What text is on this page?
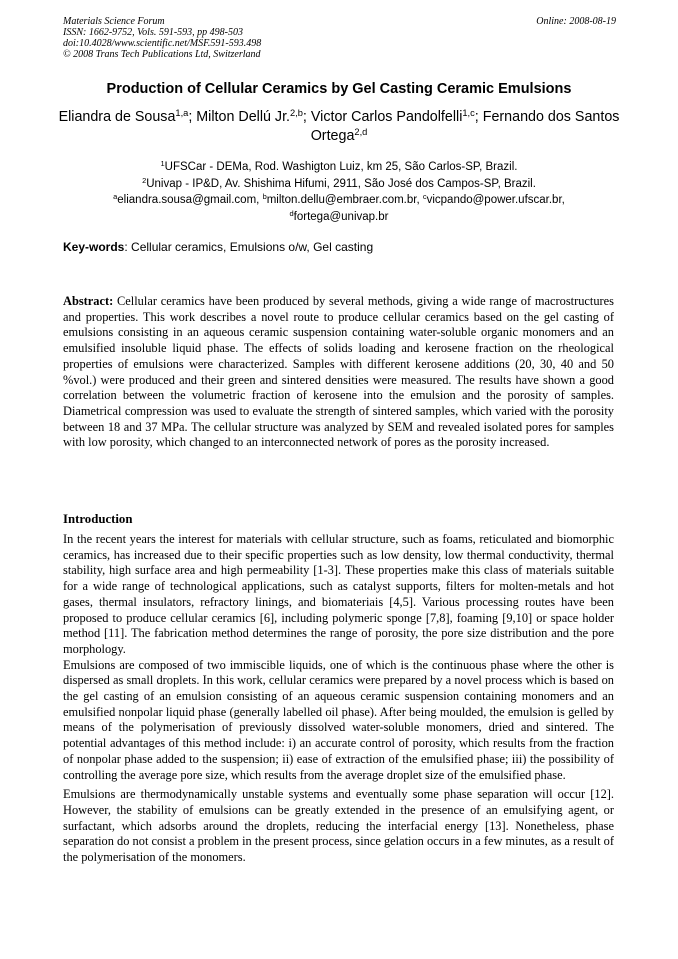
Materials Science Forum
ISSN: 1662-9752, Vols. 591-593, pp 498-503
doi:10.4028/www.scientific.net/MSF.591-593.498
© 2008 Trans Tech Publications Ltd, Switzerland
Online: 2008-08-19
Production of Cellular Ceramics by Gel Casting Ceramic Emulsions
Eliandra de Sousa$^{1,a}$; Milton Dellú Jr.$^{2,b}$; Victor Carlos Pandolfelli$^{1,c}$; Fernando dos Santos Ortega$^{2,d}$
$^1$UFSCar - DEMa, Rod. Washigton Luiz, km 25, São Carlos-SP, Brazil.
$^2$Univap - IP&D, Av. Shishima Hifumi, 2911, São José dos Campos-SP, Brazil.
$^a$eliandra.sousa@gmail.com, $^b$milton.dellu@embraer.com.br, $^c$vicpando@power.ufscar.br,
$^d$fortega@univap.br
Key-words: Cellular ceramics, Emulsions o/w, Gel casting
Abstract: Cellular ceramics have been produced by several methods, giving a wide range of macrostructures and properties. This work describes a novel route to produce cellular ceramics based on the gel casting of emulsions consisting in an aqueous ceramic suspension containing water-soluble organic monomers and an emulsified insoluble liquid phase. The effects of solids loading and kerosene fraction on the rheological properties of emulsions were characterized. Samples with different kerosene additions (20, 30, 40 and 50 %vol.) were produced and their green and sintered densities were measured. The results have shown a good correlation between the volumetric fraction of kerosene into the emulsion and the porosity of samples. Diametrical compression was used to evaluate the strength of sintered samples, which varied with the porosity between 18 and 37 MPa. The cellular structure was analyzed by SEM and revealed isolated pores for samples with low porosity, which changed to an interconnected network of pores as the porosity increased.
Introduction

In the recent years the interest for materials with cellular structure, such as foams, reticulated and biomorphic ceramics, has increased due to their specific properties such as low density, low thermal conductivity, thermal stability, high surface area and high permeability [1-3]. These properties make this class of materials suitable for a wide range of technological applications, such as catalyst supports, filters for molten-metals and hot gases, thermal insulators, refractory linings, and biomateriais [4,5]. Various processing routes have been proposed to produce cellular ceramics [6], including polymeric sponge [7,8], foaming [9,10] or space holder method [11]. The fabrication method determines the range of porosity, the pore size distribution and the pore morphology.

Emulsions are composed of two immiscible liquids, one of which is the continuous phase where the other is dispersed as small droplets. In this work, cellular ceramics were prepared by a novel process which is based on the gel casting of an emulsion consisting of an aqueous ceramic suspension containing monomers and an emulsified nonpolar liquid phase (generally labelled oil phase). After being moulded, the emulsion is gelled by means of the polymerisation of previously dissolved water-soluble monomers, dried and sintered. The potential advantages of this method include: i) an accurate control of porosity, which results from the fraction of nonpolar phase added to the suspension; ii) ease of extraction of the emulsified phase; iii) the possibility of controlling the average pore size, which results from the average droplet size of the emulsified phase.

Emulsions are thermodynamically unstable systems and eventually some phase separation will occur [12]. However, the stability of emulsions can be greatly extended in the presence of an emulsifying agent, or surfactant, which adsorbs around the droplets, reducing the interfacial energy [13]. Nonetheless, phase separation do not consist a problem in the present process, since gelation occurs in a few minutes, as a result of the polymerisation of the monomers.
